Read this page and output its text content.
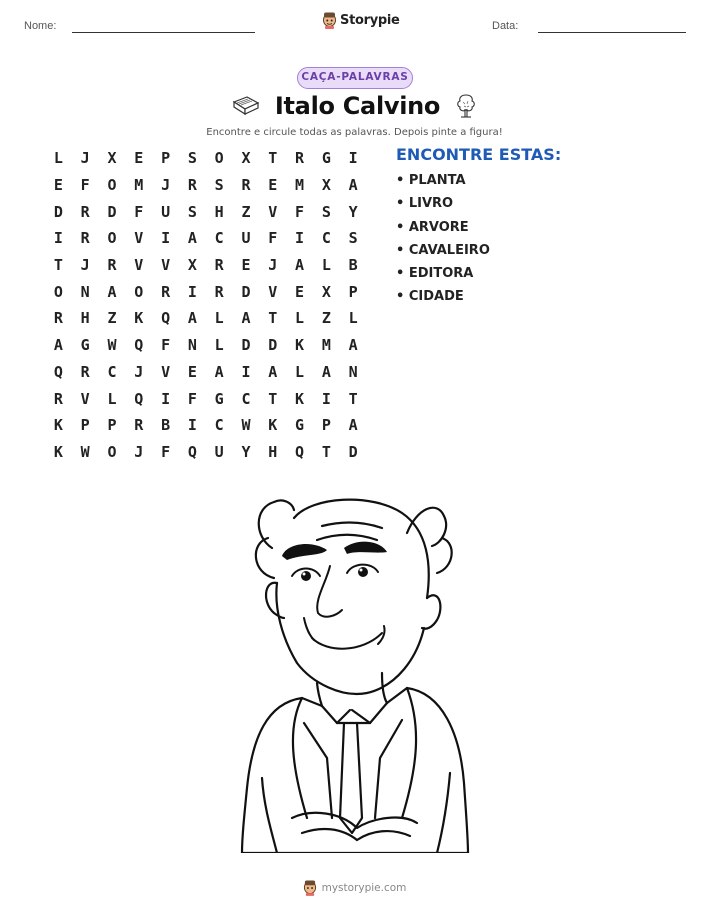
Nome:	Storypie	Data:
CAÇA-PALAVRAS
Italo Calvino
Encontre e circule todas as palavras. Depois pinte a figura!
L	J	X	E	P	S	O	X	T	R	G	I
E	F	O	M	J	R	S	R	E	M	X	A
D	R	D	F	U	S	H	Z	V	F	S	Y
I	R	O	V	I	A	C	U	F	I	C	S
T	J	R	V	V	X	R	E	J	A	L	B
O	N	A	O	R	I	R	D	V	E	X	P
R	H	Z	K	Q	A	L	A	T	L	Z	L
A	G	W	Q	F	N	L	D	D	K	M	A
Q	R	C	J	V	E	A	I	A	L	A	N
R	V	L	Q	I	F	G	C	T	K	I	T
K	P	P	R	B	I	C	W	K	G	P	A
K	W	O	J	F	Q	U	Y	H	Q	T	D
ENCONTRE ESTAS:
• PLANTA
• LIVRO
• ARVORE
• CAVALEIRO
• EDITORA
• CIDADE
mystorypie.com
